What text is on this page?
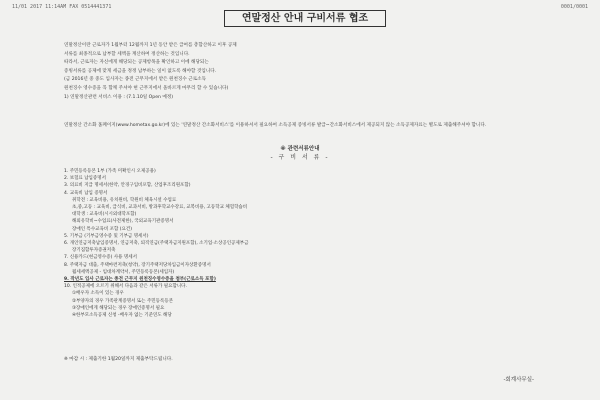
11/01 2017 11:14AM FAX 0514441371	0001/0001
연말정산 안내 구비서류 협조
연말정산이란 근로자가 1월부터 12월까지 1년 동안 받은 급여를 총합산하고 이후 공제
서류를 최종적으로 납부할 세액을 계산하여 정산하는 것입니다.
따라서, 근로자는 자신에게 해당되는 공제항목을 확인하고 이에 해당되는
증빙서류를 공제에 맞게 세금을 정정 납부하는 일이 없도록 해야할 것입니다.
(금 2016년 중 중도 입사자는 종전 근무지에서 받은 원천징수 근로소득
원천징수 영수증을 꼭 함께 주셔야 현 근무지에서 올바르게 마무리 할 수 있습니다)
1) 연말정산관련 서비스 이용 : (7.1.10일 Open 예정)
연말정산 간소화 홈페이지(www.hometax.go.kr)에 있는 '연말정산 간소화서비스'를 이용하셔서 필요하여 소득공제 증빙서류 발급~간소화서비스에서 제공되지 않는 소득공제자료는 별도로 제출해주셔야 합니다.
※ 관련서류안내
- 구 비 서 류 -
1. 주민등록등본 1부 (가족 미확인시 오제공용)
2. 보험료 납입증명서
3. 의료비 지급 명세서(한약, 안경구입비포함, 산업후조리원포함)
4. 교육비 납입 증명서
취학전 : 교육비용, 유치원비, 학원비 체육시설 수업료
초,중,고등 : 교육비, 급식비, 교과서비, 방과후학교수강료, 교복비용, 고등학교 체험학습비
대학생 : 교육비(시시외대학포함)
해외유학비~수업료(사전제한), 국외교육기관증명서
장애인 특수교육비 포함 (요건)
5. 기부금 (기부금영수증 및 기부금 명세서)
6. 개인연금저축납입증명서, 연금저축, 퇴직연금(주택자금지원포함), 소기업·소상공인공제부금
장기집합투자증권저축
7. 신용카드(현금영수증) 사용 명세서
8. 주택자금 대출, 주택마련저축(청약), 장기주택저당차입금이자상환증명서
월세세액공제 - 임대차계약서, 주민등록등본(세입자)
9. 작년도 입사 근로자는 종전 근무지 원천징수영수증을 첨부(근로소득 포함)
10. 인적공제에 오르기 위해서 다음과 같은 서류가 필요합니다.
①배우자 소득이 있는 경우
②부양자의 경우 가족관계증명서 또는 주민등록등본
③장애인에게 해당되는 경우 장애인증명서 필요
④한부모소득공제 신청 -배우자 없는 기준연도 해당
※ 마감 시 : 제출기한 1월20일까지 제출부탁드립니다.
-회계사무실-
